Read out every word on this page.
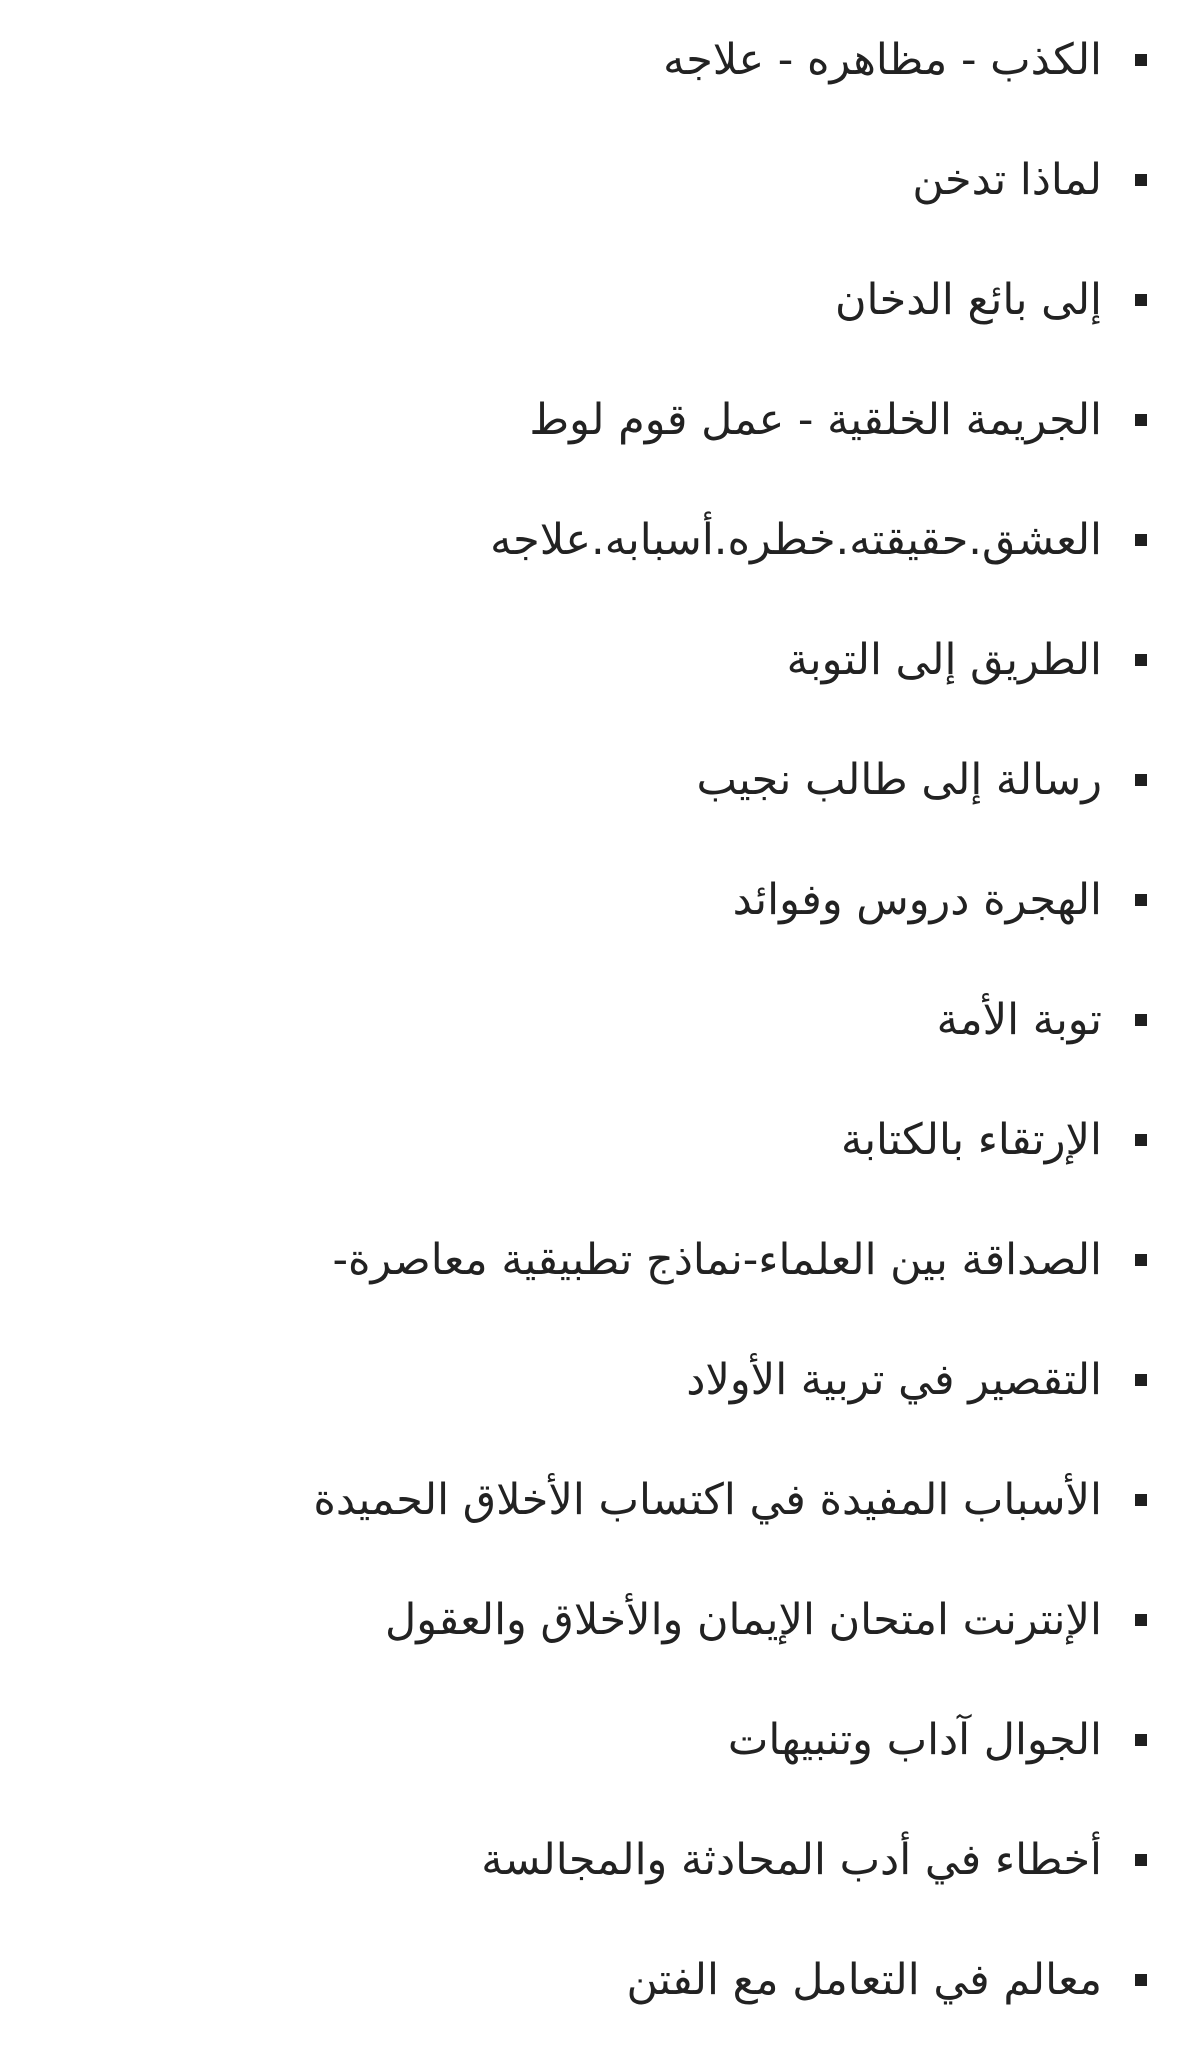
الكذب - مظاهره - علاجه
لماذا تدخن
إلى بائع الدخان
الجريمة الخلقية - عمل قوم لوط
العشق.حقيقته.خطره.أسبابه.علاجه
الطريق إلى التوبة
رسالة إلى طالب نجيب
الهجرة دروس وفوائد
توبة الأمة
الإرتقاء بالكتابة
الصداقة بين العلماء-نماذج تطبيقية معاصرة-
التقصير في تربية الأولاد
الأسباب المفيدة في اكتساب الأخلاق الحميدة
الإنترنت امتحان الإيمان والأخلاق والعقول
الجوال آداب وتنبيهات
أخطاء في أدب المحادثة والمجالسة
معالم في التعامل مع الفتن
